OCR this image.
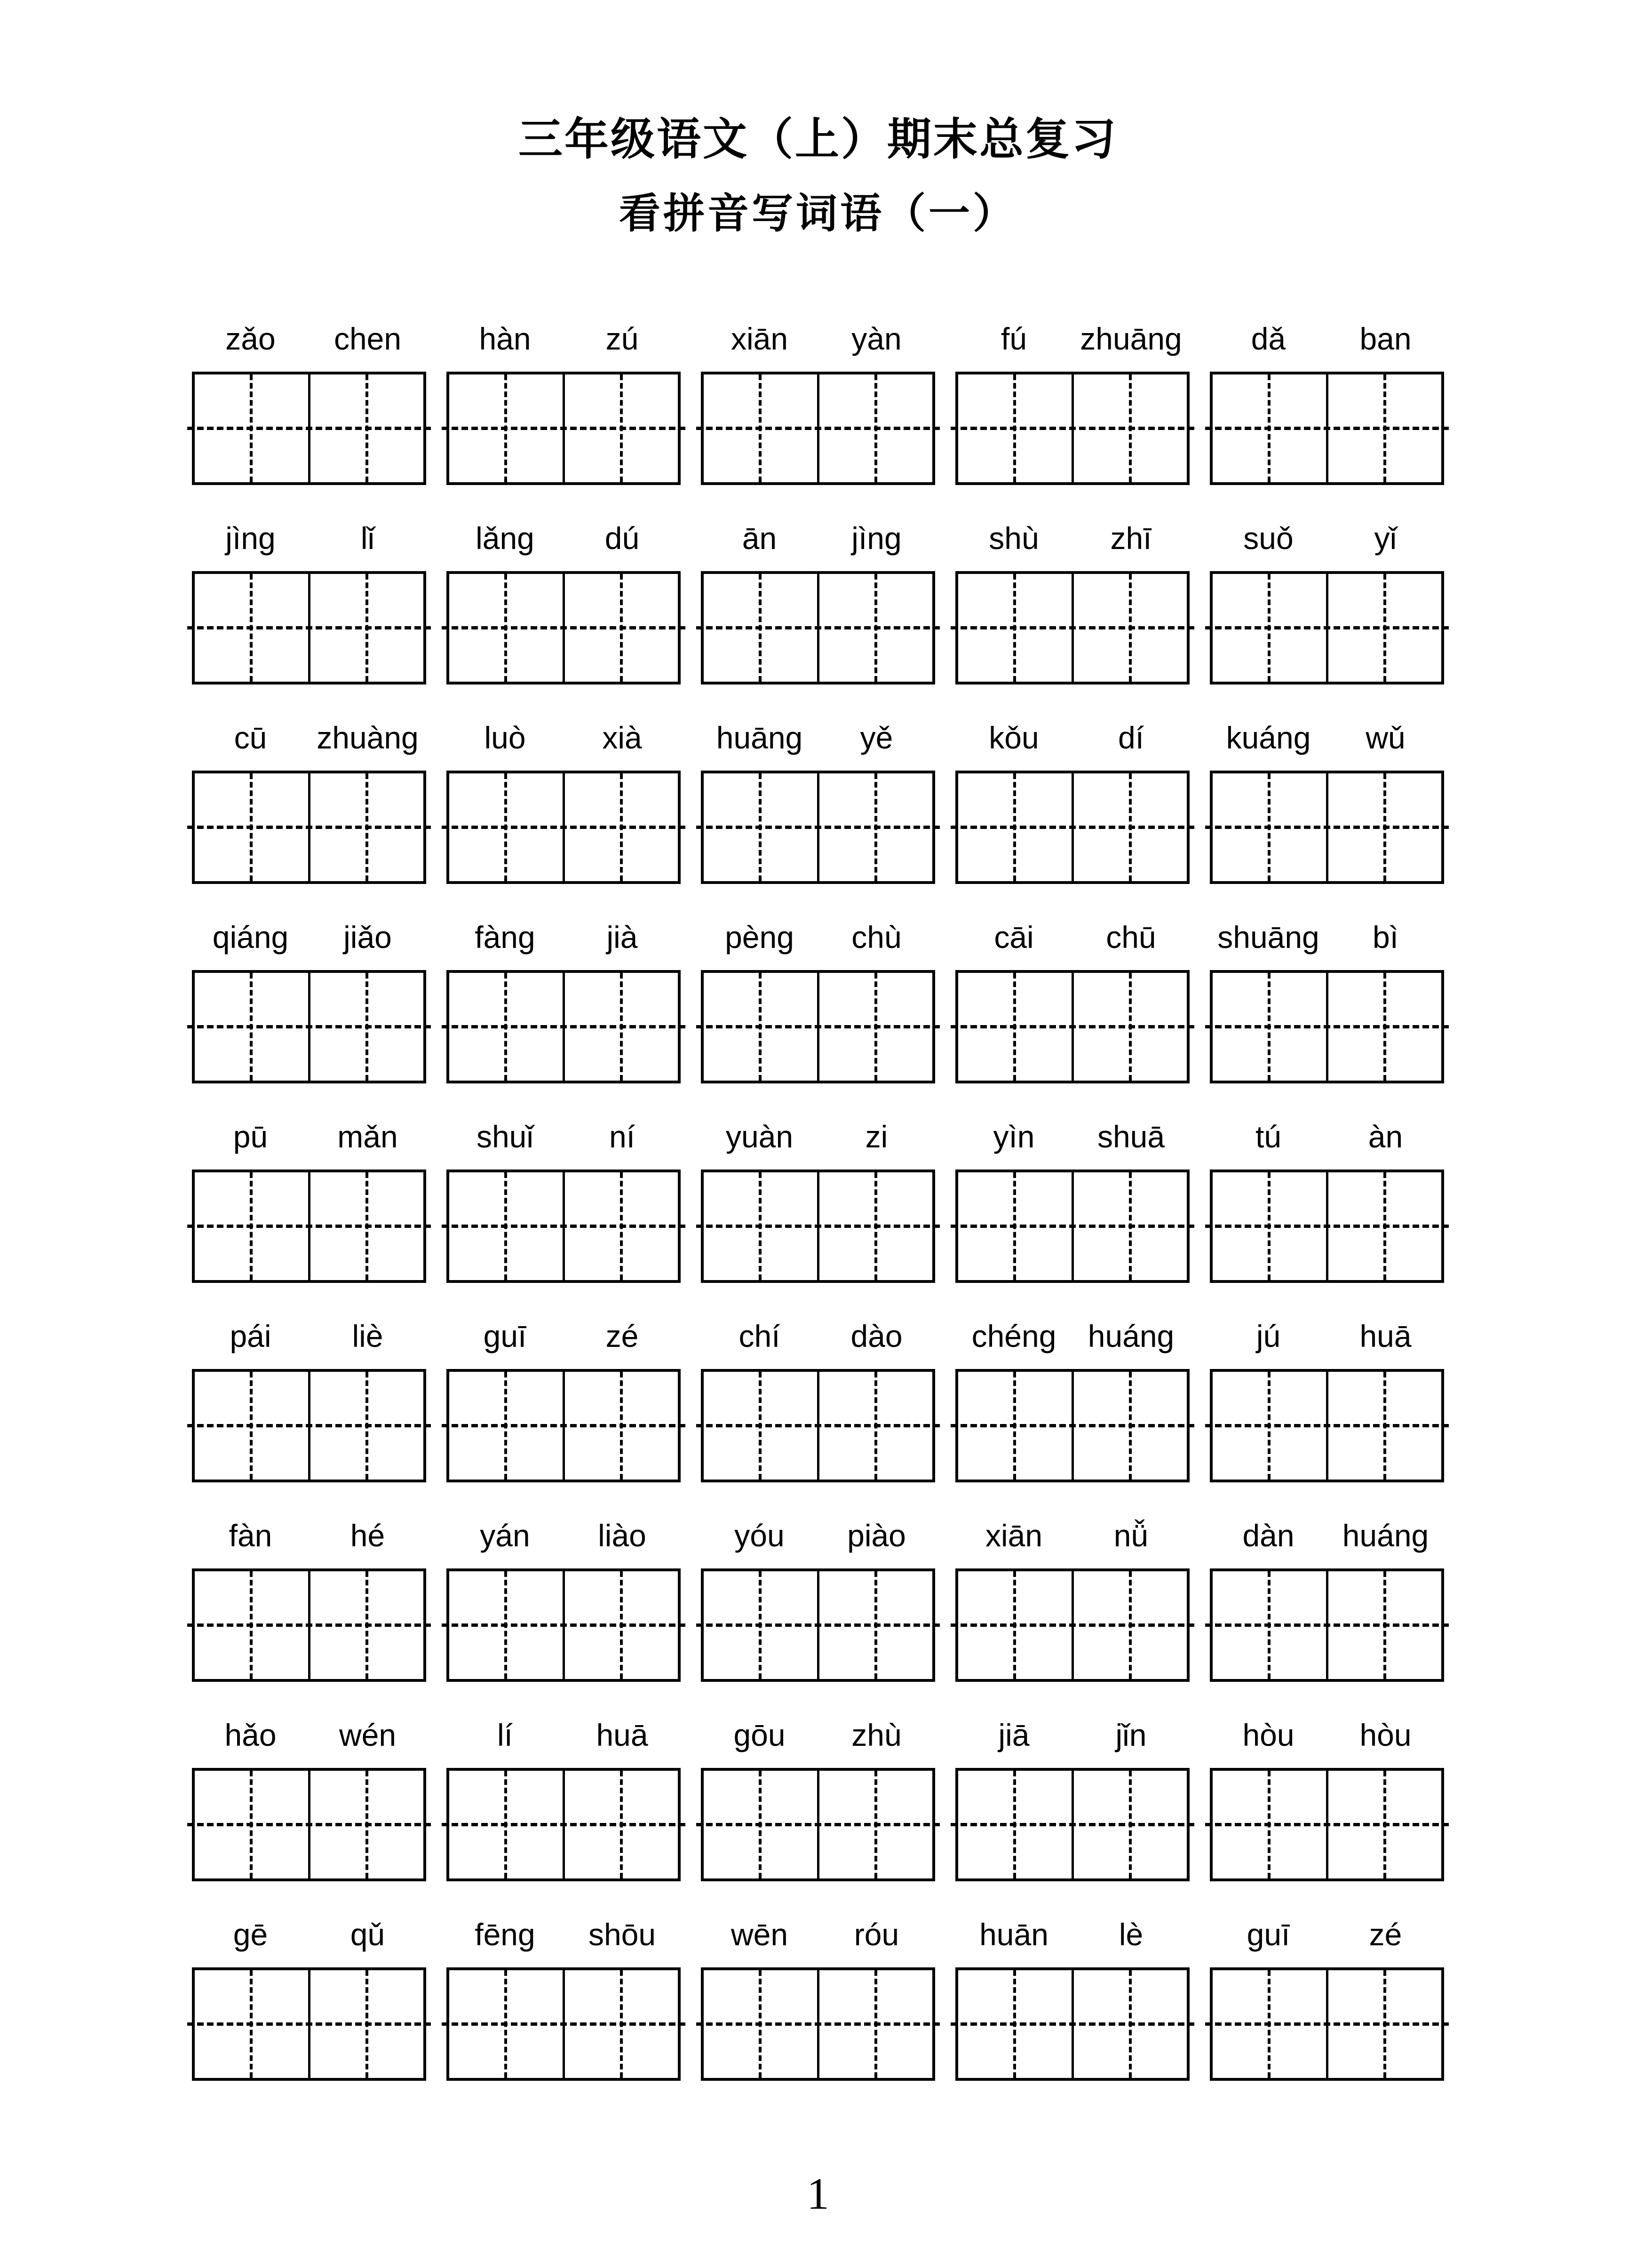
三年级语文（上）期末总复习
看拼音写词语（一）
zǎo	chen	hàn	zú	xiān	yàn	fú	zhuāng	dǎ	ban
jìng	lǐ	lǎng	dú	ān	jìng	shù	zhī	suǒ	yǐ
cū	zhuàng	luò	xià	huāng	yě	kǒu	dí	kuáng	wǔ
qiáng	jiǎo	fàng	jià	pèng	chù	cāi	chū	shuāng	bì
pū	mǎn	shuǐ	ní	yuàn	zi	yìn	shuā	tú	àn
pái	liè	guī	zé	chí	dào	chéng	huáng	jú	huā
fàn	hé	yán	liào	yóu	piào	xiān	nǚ	dàn	huáng
hǎo	wén	lí	huā	gōu	zhù	jiā	jǐn	hòu	hòu
gē	qǔ	fēng	shōu	wēn	róu	huān	lè	guī	zé
1
